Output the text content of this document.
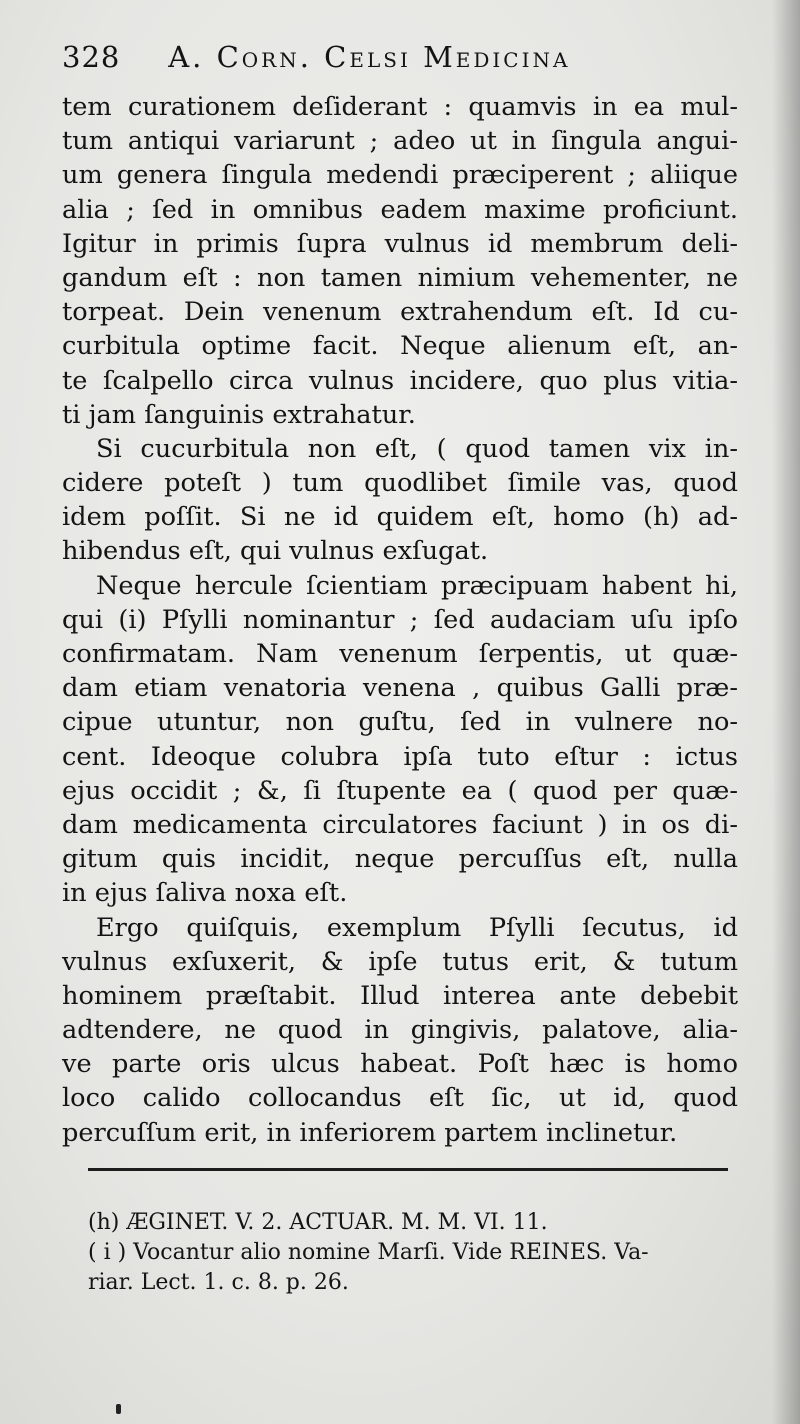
328 A. Corn. Celsi Medicina
tem curationem deſiderant : quamvis in ea mul-
tum antiqui variarunt ; adeo ut in ſingula angui-
um genera ſingula medendi præciperent ; aliique
alia ; ſed in omnibus eadem maxime proficiunt.
Igitur in primis ſupra vulnus id membrum deli-
gandum eſt : non tamen nimium vehementer, ne
torpeat. Dein venenum extrahendum eſt. Id cu-
curbitula optime facit. Neque alienum eſt, an-
te ſcalpello circa vulnus incidere, quo plus vitia-
ti jam ſanguinis extrahatur.
Si cucurbitula non eſt, ( quod tamen vix in-
cidere poteſt ) tum quodlibet ſimile vas, quod
idem poſſit. Si ne id quidem eſt, homo (h) ad-
hibendus eſt, qui vulnus exſugat.
Neque hercule ſcientiam præcipuam habent hi,
qui (i) Pſylli nominantur ; ſed audaciam uſu ipſo
confirmatam. Nam venenum ſerpentis, ut quæ-
dam etiam venatoria venena , quibus Galli præ-
cipue utuntur, non guſtu, ſed in vulnere no-
cent. Ideoque colubra ipſa tuto eſtur : ictus
ejus occidit ; &, ſi ſtupente ea ( quod per quæ-
dam medicamenta circulatores faciunt ) in os di-
gitum quis incidit, neque percuſſus eſt, nulla
in ejus ſaliva noxa eſt.
Ergo quiſquis, exemplum Pſylli ſecutus, id
vulnus exſuxerit, & ipſe tutus erit, & tutum
hominem præſtabit. Illud interea ante debebit
adtendere, ne quod in gingivis, palatove, alia-
ve parte oris ulcus habeat. Poſt hæc is homo
loco calido collocandus eſt ſic, ut id, quod
percuſſum erit, in inferiorem partem inclinetur.
(h) ÆGINET. V. 2. ACTUAR. M. M. VI. 11.
( i ) Vocantur alio nomine Marſi. Vide REINES. Va-
riar. Lect. 1. c. 8. p. 26.
